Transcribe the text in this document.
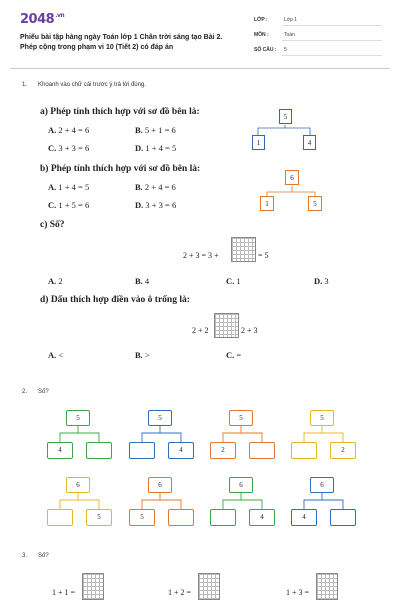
$2048^{.vn}$
Phiếu bài tập hàng ngày Toán lớp 1 Chân trời sáng tạo Bài 2. Phép cộng trong phạm vi 10 (Tiết 2) có đáp án
LỚP :	Lớp 1
MÔN :	Toán
SỐ CÂU : 5
1. Khoanh vào chữ cái trước ý trả lời đúng.
a) Phép tính thích hợp với sơ đồ bên là:
A. 2 + 4 = 6	B. 5 + 1 = 6
C. 3 + 3 = 6	D. 1 + 4 = 5
5
1	4
b) Phép tính thích hợp với sơ đồ bên là:
A. 1 + 4 = 5	B. 2 + 4 = 6
C. 1 + 5 = 6	D. 3 + 3 = 6
6
1	5
c) Số?
2 + 3 = 3 +	= 5
A. 2	B. 4	C. 1	D. 3
d) Dấu thích hợp điền vào ô trống là:
2 + 2	2 + 3
A. <	B. >	C. =
2. Số?
5
4
5
4
5
2
5
2
6
5
6
5
6
4
6
4
3. Số?
1 + 1 =	1 + 2 =	1 + 3 =
